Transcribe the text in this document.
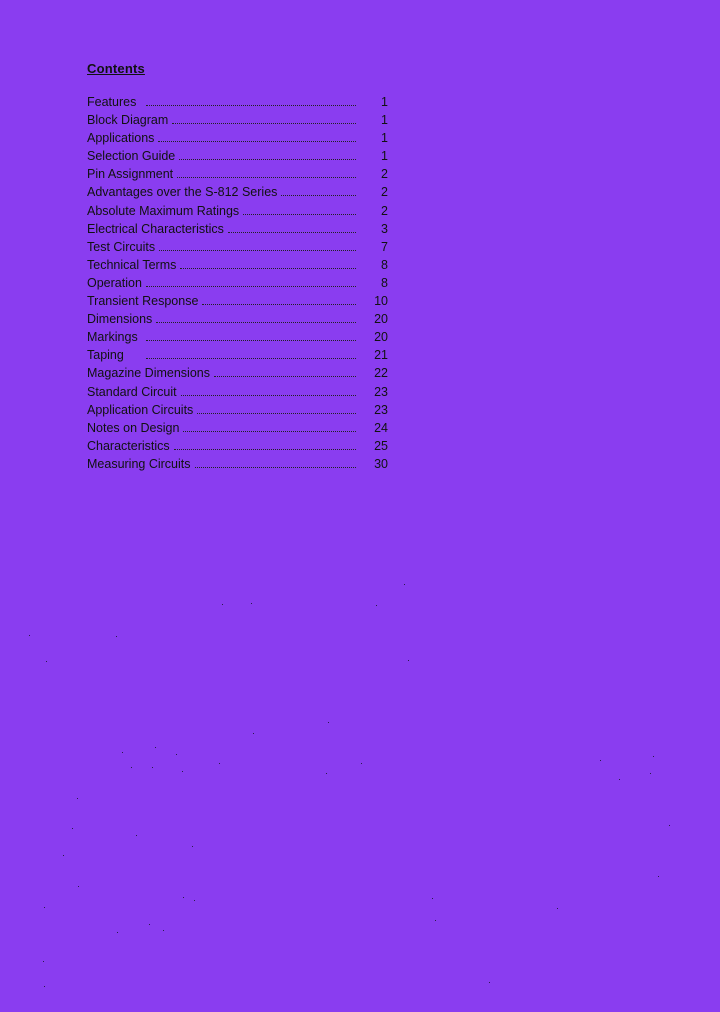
Contents
Features	1
Block Diagram	1
Applications	1
Selection Guide	1
Pin Assignment	2
Advantages over the S-812 Series	2
Absolute Maximum Ratings	2
Electrical Characteristics	3
Test Circuits	7
Technical Terms	8
Operation	8
Transient Response	10
Dimensions	20
Markings	20
Taping	21
Magazine Dimensions	22
Standard Circuit	23
Application Circuits	23
Notes on Design	24
Characteristics	25
Measuring Circuits	30
